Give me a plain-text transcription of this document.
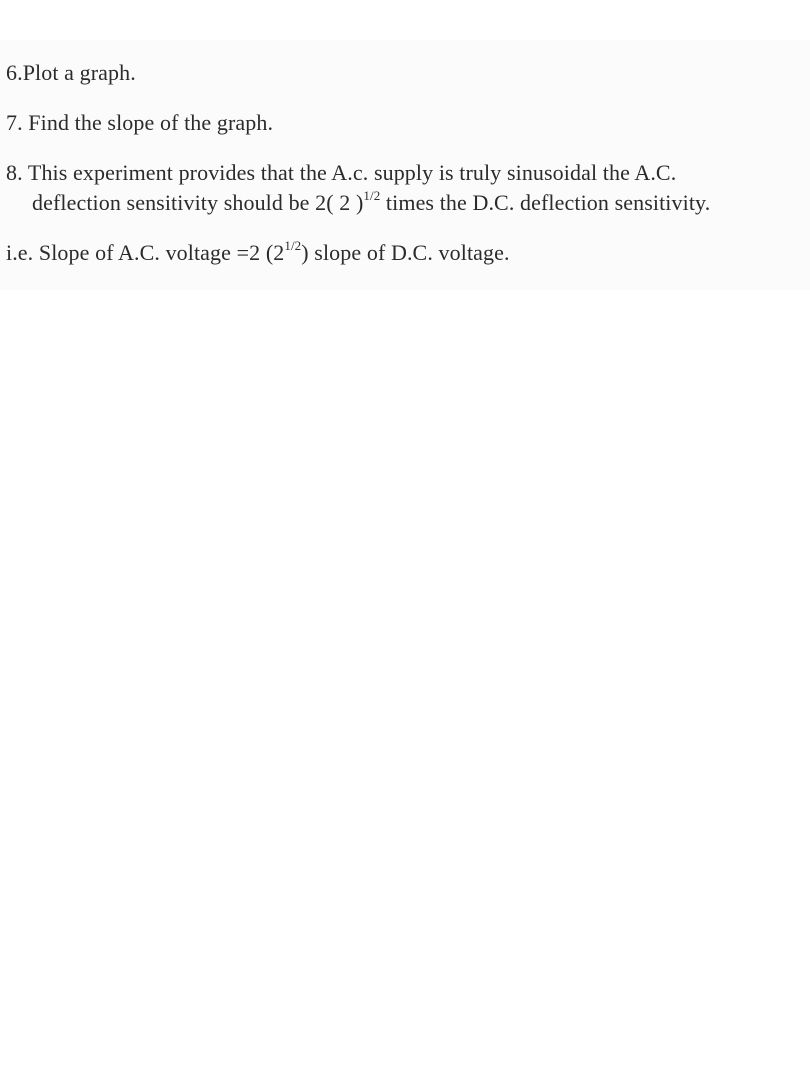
6.Plot a graph.
7. Find the slope of the graph.
8. This experiment provides that the A.c. supply is truly sinusoidal the A.C.
deflection sensitivity should be 2( 2 )$^{1/2}$ times the D.C. deflection sensitivity.
i.e. Slope of A.C. voltage =2 $(2^{1/2})$ slope of D.C. voltage.
